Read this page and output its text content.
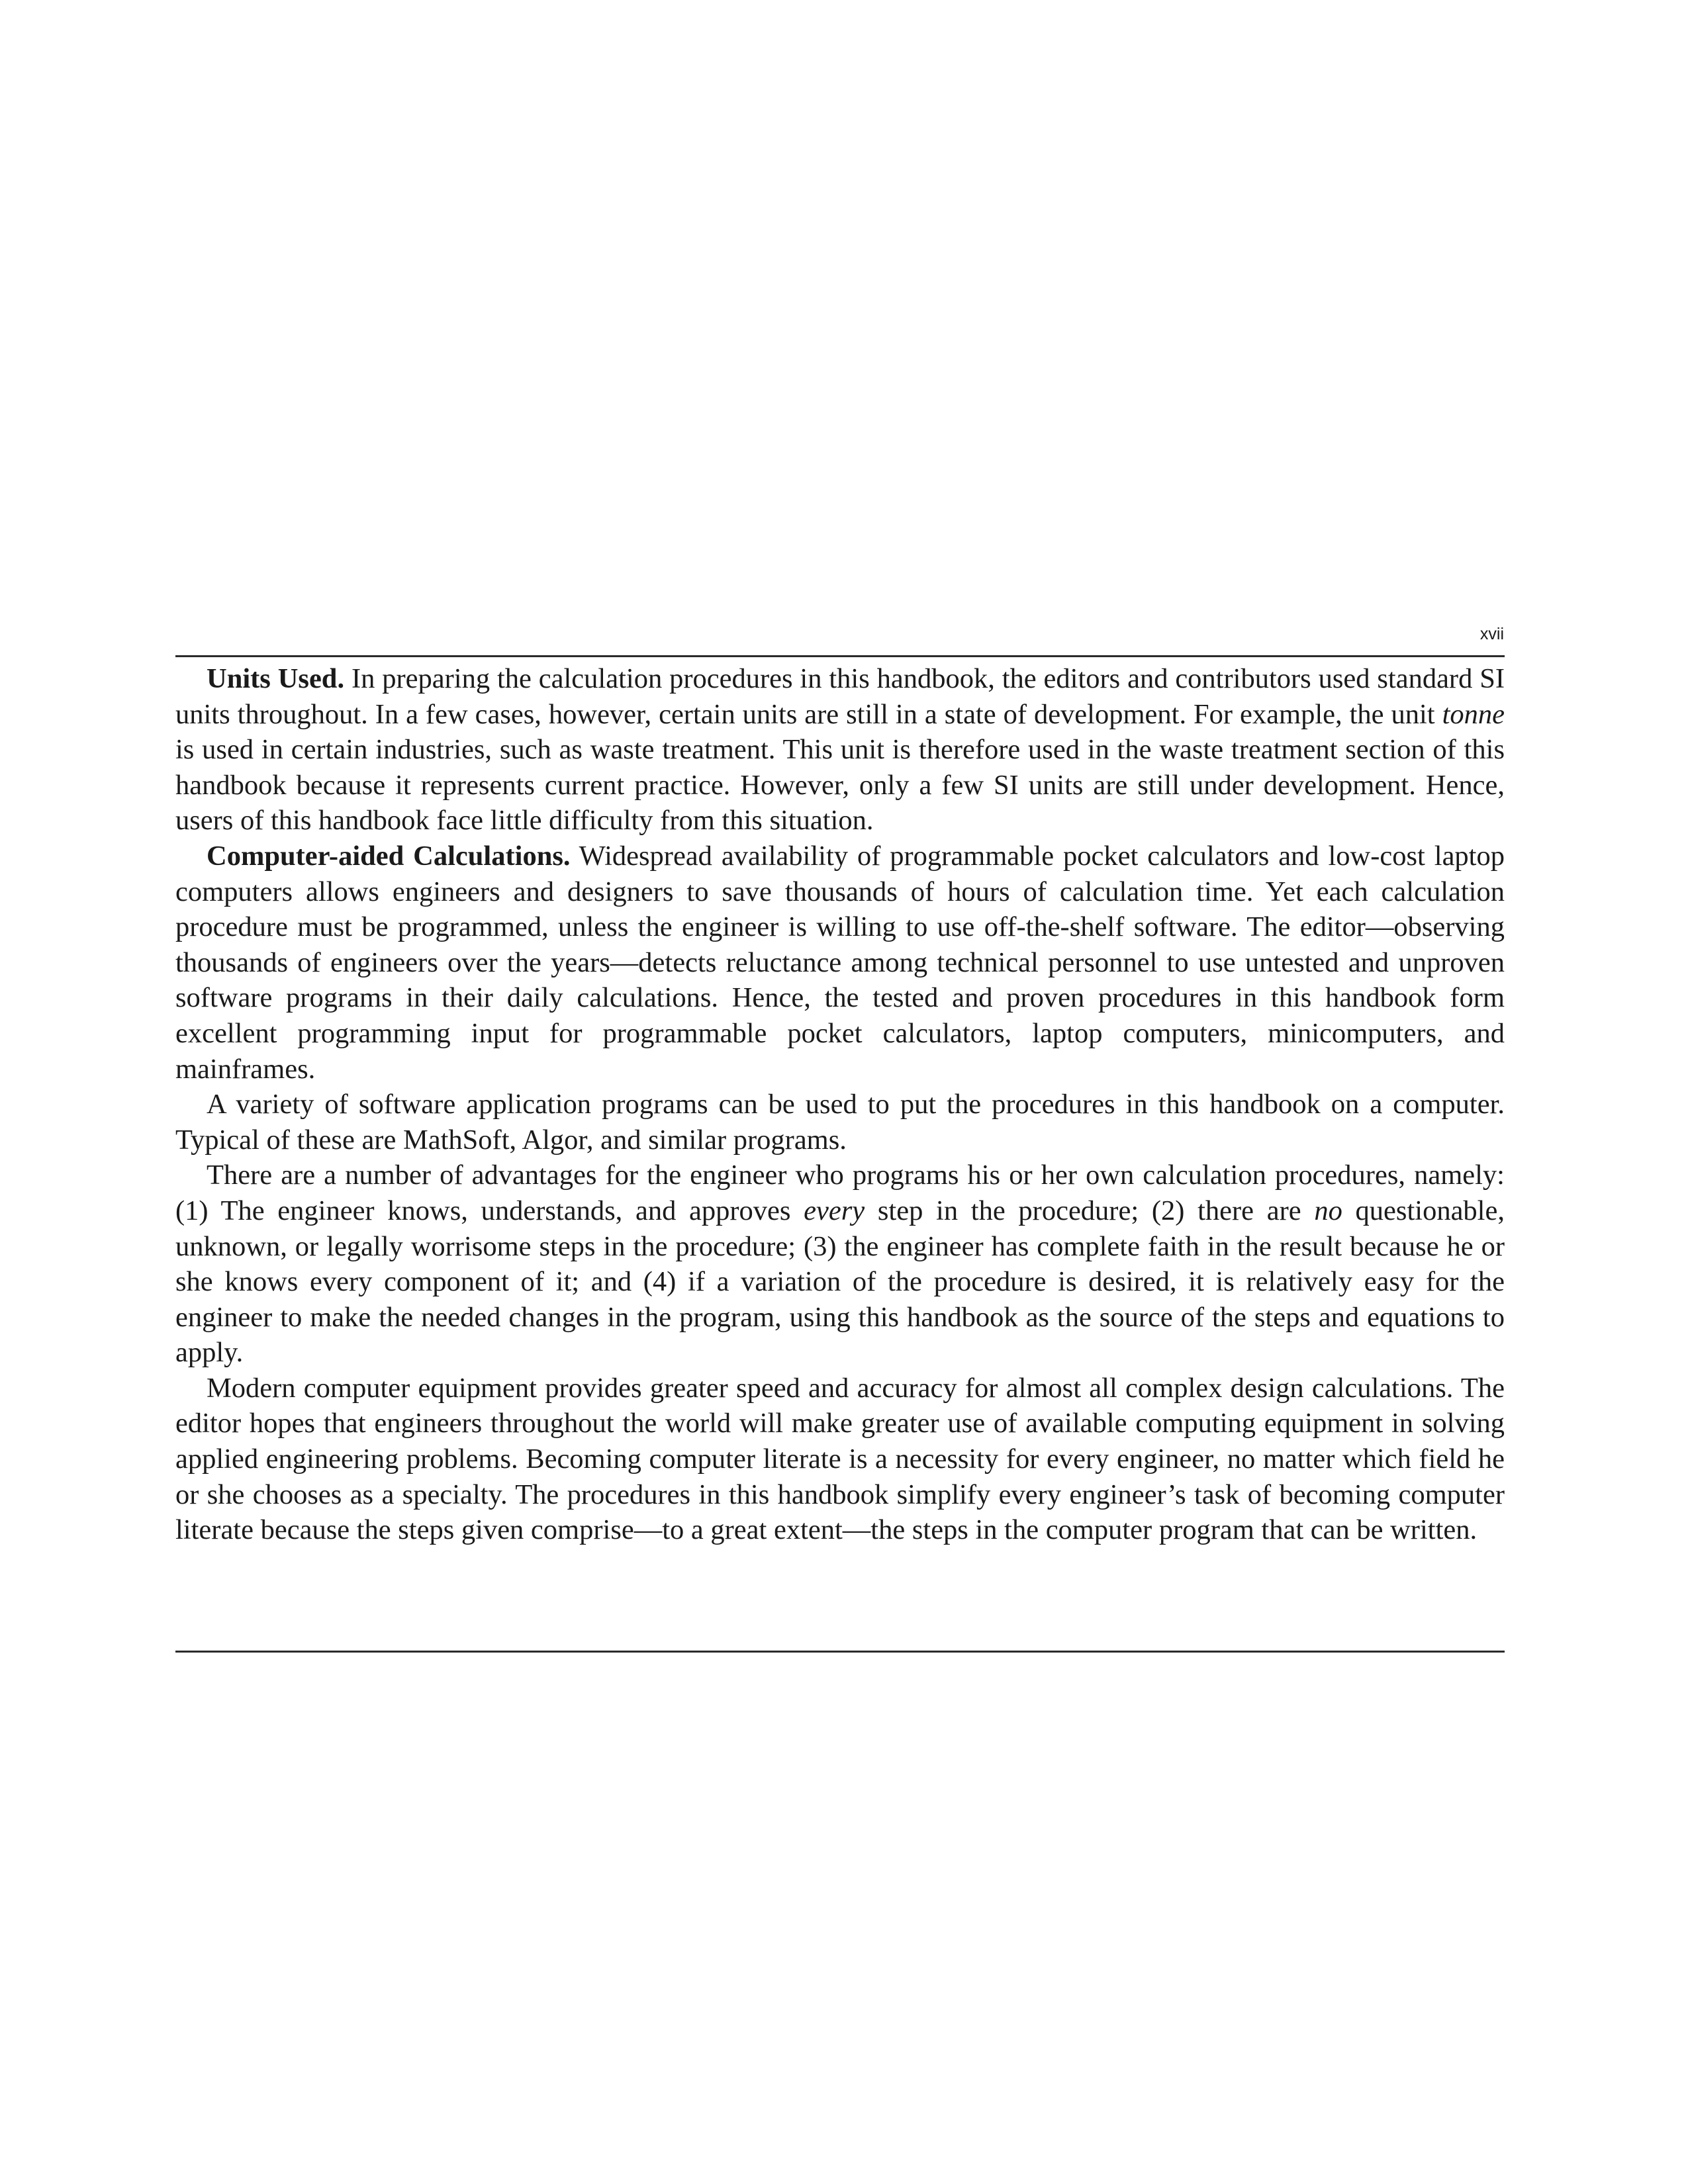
xvii

Units Used. In preparing the calculation procedures in this handbook, the editors and contributors used standard SI units throughout. In a few cases, however, certain units are still in a state of development. For example, the unit tonne is used in certain industries, such as waste treatment. This unit is therefore used in the waste treatment section of this handbook because it represents current practice. However, only a few SI units are still under development. Hence, users of this handbook face little difficulty from this situation.

Computer-aided Calculations. Widespread availability of programmable pocket calculators and low-cost laptop computers allows engineers and designers to save thousands of hours of calculation time. Yet each calculation procedure must be programmed, unless the engineer is willing to use off-the-shelf software. The editor—observing thousands of engineers over the years—detects reluctance among technical personnel to use untested and unproven software programs in their daily calculations. Hence, the tested and proven procedures in this handbook form excellent programming input for programmable pocket calculators, laptop computers, minicomputers, and mainframes.

A variety of software application programs can be used to put the procedures in this handbook on a computer. Typical of these are MathSoft, Algor, and similar programs.

There are a number of advantages for the engineer who programs his or her own calculation procedures, namely: (1) The engineer knows, understands, and approves every step in the procedure; (2) there are no questionable, unknown, or legally worrisome steps in the procedure; (3) the engineer has complete faith in the result because he or she knows every component of it; and (4) if a variation of the procedure is desired, it is relatively easy for the engineer to make the needed changes in the program, using this handbook as the source of the steps and equations to apply.

Modern computer equipment provides greater speed and accuracy for almost all complex design calculations. The editor hopes that engineers throughout the world will make greater use of available computing equipment in solving applied engineering problems. Becoming computer literate is a necessity for every engineer, no matter which field he or she chooses as a specialty. The procedures in this handbook simplify every engineer’s task of becoming computer literate because the steps given comprise—to a great extent—the steps in the computer program that can be written.
